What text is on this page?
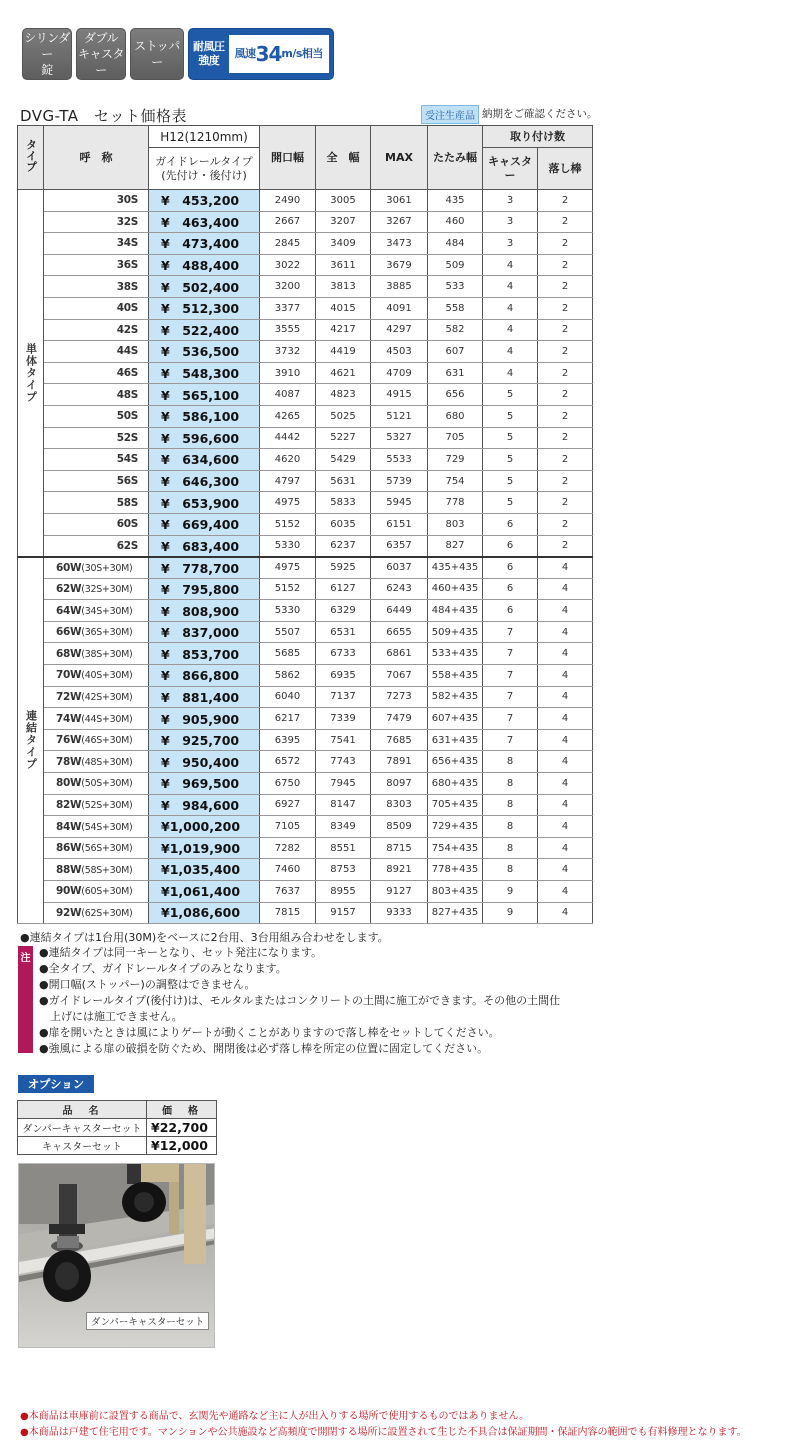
シリンダー
錠
ダブル
キャスター
ストッパー
耐風圧
強度
風速 34 m/s相当
DVG-TA　セット価格表	受注生産品 納期をご確認ください。
タイプ	呼　称	H12(1210mm)	開口幅	全　幅	MAX	たたみ幅	取り付け数	
		ガイドレールタイプ
(先付け・後付け)					キャスター	落し棒

単体タイプ	30S	¥　453,200	2490	3005	3061	435	3	2
	32S	¥　463,400	2667	3207	3267	460	3	2
	34S	¥　473,400	2845	3409	3473	484	3	2
	36S	¥　488,400	3022	3611	3679	509	4	2
	38S	¥　502,400	3200	3813	3885	533	4	2
	40S	¥　512,300	3377	4015	4091	558	4	2
	42S	¥　522,400	3555	4217	4297	582	4	2
	44S	¥　536,500	3732	4419	4503	607	4	2
	46S	¥　548,300	3910	4621	4709	631	4	2
	48S	¥　565,100	4087	4823	4915	656	5	2
	50S	¥　586,100	4265	5025	5121	680	5	2
	52S	¥　596,600	4442	5227	5327	705	5	2
	54S	¥　634,600	4620	5429	5533	729	5	2
	56S	¥　646,300	4797	5631	5739	754	5	2
	58S	¥　653,900	4975	5833	5945	778	5	2
	60S	¥　669,400	5152	6035	6151	803	6	2
	62S	¥　683,400	5330	6237	6357	827	6	2
連結タイプ	60W(30S+30M)	¥　778,700	4975	5925	6037	435+435	6	4
	62W(32S+30M)	¥　795,800	5152	6127	6243	460+435	6	4
	64W(34S+30M)	¥　808,900	5330	6329	6449	484+435	6	4
	66W(36S+30M)	¥　837,000	5507	6531	6655	509+435	7	4
	68W(38S+30M)	¥　853,700	5685	6733	6861	533+435	7	4
	70W(40S+30M)	¥　866,800	5862	6935	7067	558+435	7	4
	72W(42S+30M)	¥　881,400	6040	7137	7273	582+435	7	4
	74W(44S+30M)	¥　905,900	6217	7339	7479	607+435	7	4
	76W(46S+30M)	¥　925,700	6395	7541	7685	631+435	7	4
	78W(48S+30M)	¥　950,400	6572	7743	7891	656+435	8	4
	80W(50S+30M)	¥　969,500	6750	7945	8097	680+435	8	4
	82W(52S+30M)	¥　984,600	6927	8147	8303	705+435	8	4
	84W(54S+30M)	¥1,000,200	7105	8349	8509	729+435	8	4
	86W(56S+30M)	¥1,019,900	7282	8551	8715	754+435	8	4
	88W(58S+30M)	¥1,035,400	7460	8753	8921	778+435	8	4
	90W(60S+30M)	¥1,061,400	7637	8955	9127	803+435	9	4
	92W(62S+30M)	¥1,086,600	7815	9157	9333	827+435	9	4
●連結タイプは1台用(30M)をベースに2台用、3台用組み合わせをします。
注 ●連結タイプは同一キーとなり、セット発注になります。
●全タイプ、ガイドレールタイプのみとなります。
●開口幅(ストッパー)の調整はできません。
●ガイドレールタイプ(後付け)は、モルタルまたはコンクリートの土間に施工ができます。その他の土間仕
　上げには施工できません。
●扉を開いたときは風によりゲートが動くことがありますので落し棒をセットしてください。
●強風による扉の破損を防ぐため、開閉後は必ず落し棒を所定の位置に固定してください。
オプション
品　名	価　格
ダンパーキャスターセット	¥22,700
キャスターセット	¥12,000
ダンパーキャスターセット
●本商品は車庫前に設置する商品で、玄関先や通路など主に人が出入りする場所で使用するものではありません。
●本商品は戸建て住宅用です。マンションや公共施設など高頻度で開閉する場所に設置されて生じた不具合は保証期間・保証内容の範囲でも有料修理となります。
